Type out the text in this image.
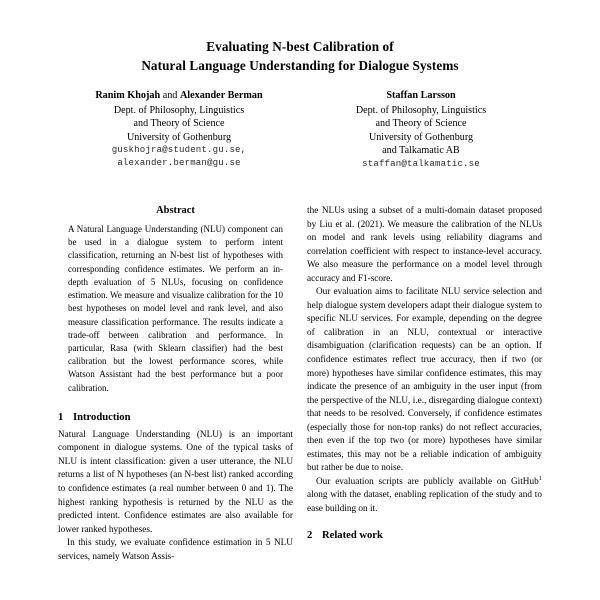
Evaluating N-best Calibration of
Natural Language Understanding for Dialogue Systems
Ranim Khojah and Alexander Berman
Dept. of Philosophy, Linguistics
and Theory of Science
University of Gothenburg
guskhojra@student.gu.se,
alexander.berman@gu.se
Staffan Larsson
Dept. of Philosophy, Linguistics
and Theory of Science
University of Gothenburg
and Talkamatic AB
staffan@talkamatic.se
Abstract

A Natural Language Understanding (NLU) component can be used in a dialogue system to perform intent classification, returning an N-best list of hypotheses with corresponding confidence estimates. We perform an in-depth evaluation of 5 NLUs, focusing on confidence estimation. We measure and visualize calibration for the 10 best hypotheses on model level and rank level, and also measure classification performance. The results indicate a trade-off between calibration and performance. In particular, Rasa (with Sklearn classifier) had the best calibration but the lowest performance scores, while Watson Assistant had the best performance but a poor calibration.

1 Introduction

Natural Language Understanding (NLU) is an important component in dialogue systems. One of the typical tasks of NLU is intent classification: given a user utterance, the NLU returns a list of N hypotheses (an N-best list) ranked according to confidence estimates (a real number between 0 and 1). The highest ranking hypothesis is returned by the NLU as the predicted intent. Confidence estimates are also available for lower ranked hypotheses.

In this study, we evaluate confidence estimation in 5 NLU services, namely Watson Assis-

the NLUs using a subset of a multi-domain dataset proposed by Liu et al. (2021). We measure the calibration of the NLUs on model and rank levels using reliability diagrams and correlation coefficient with respect to instance-level accuracy. We also measure the performance on a model level through accuracy and F1-score.

Our evaluation aims to facilitate NLU service selection and help dialogue system developers adapt their dialogue system to specific NLU services. For example, depending on the degree of calibration in an NLU, contextual or interactive disambiguation (clarification requests) can be an option. If confidence estimates reflect true accuracy, then if two (or more) hypotheses have similar confidence estimates, this may indicate the presence of an ambiguity in the user input (from the perspective of the NLU, i.e., disregarding dialogue context) that needs to be resolved. Conversely, if confidence estimates (especially those for non-top ranks) do not reflect accuracies, then even if the top two (or more) hypotheses have similar estimates, this may not be a reliable indication of ambiguity but rather be due to noise.

Our evaluation scripts are publicly available on GitHub$^1$ along with the dataset, enabling replication of the study and to ease building on it.

2 Related work
